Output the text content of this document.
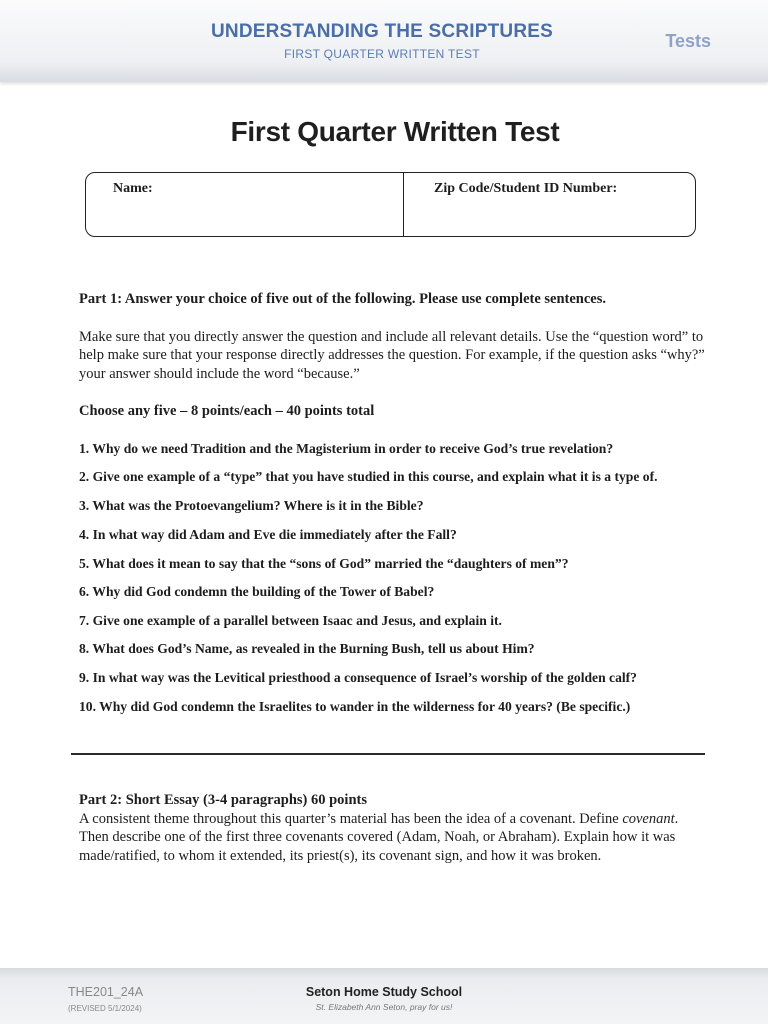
UNDERSTANDING THE SCRIPTURES
FIRST QUARTER WRITTEN TEST
Tests
First Quarter Written Test
Name:	Zip Code/Student ID Number:

Part 1: Answer your choice of five out of the following. Please use complete sentences.

Make sure that you directly answer the question and include all relevant details. Use the “question word” to help make sure that your response directly addresses the question. For example, if the question asks “why?” your answer should include the word “because.”

Choose any five – 8 points/each – 40 points total

1. Why do we need Tradition and the Magisterium in order to receive God’s true revelation?

2. Give one example of a “type” that you have studied in this course, and explain what it is a type of.

3. What was the Protoevangelium? Where is it in the Bible?

4. In what way did Adam and Eve die immediately after the Fall?

5. What does it mean to say that the “sons of God” married the “daughters of men”?

6. Why did God condemn the building of the Tower of Babel?

7. Give one example of a parallel between Isaac and Jesus, and explain it.

8. What does God’s Name, as revealed in the Burning Bush, tell us about Him?

9. In what way was the Levitical priesthood a consequence of Israel’s worship of the golden calf?

10. Why did God condemn the Israelites to wander in the wilderness for 40 years? (Be specific.)

Part 2: Short Essay (3-4 paragraphs) 60 points

A consistent theme throughout this quarter’s material has been the idea of a covenant. Define covenant. Then describe one of the first three covenants covered (Adam, Noah, or Abraham). Explain how it was made/ratified, to whom it extended, its priest(s), its covenant sign, and how it was broken.

THE201_24A
(REVISED 5/1/2024)
Seton Home Study School
St. Elizabeth Ann Seton, pray for us!
